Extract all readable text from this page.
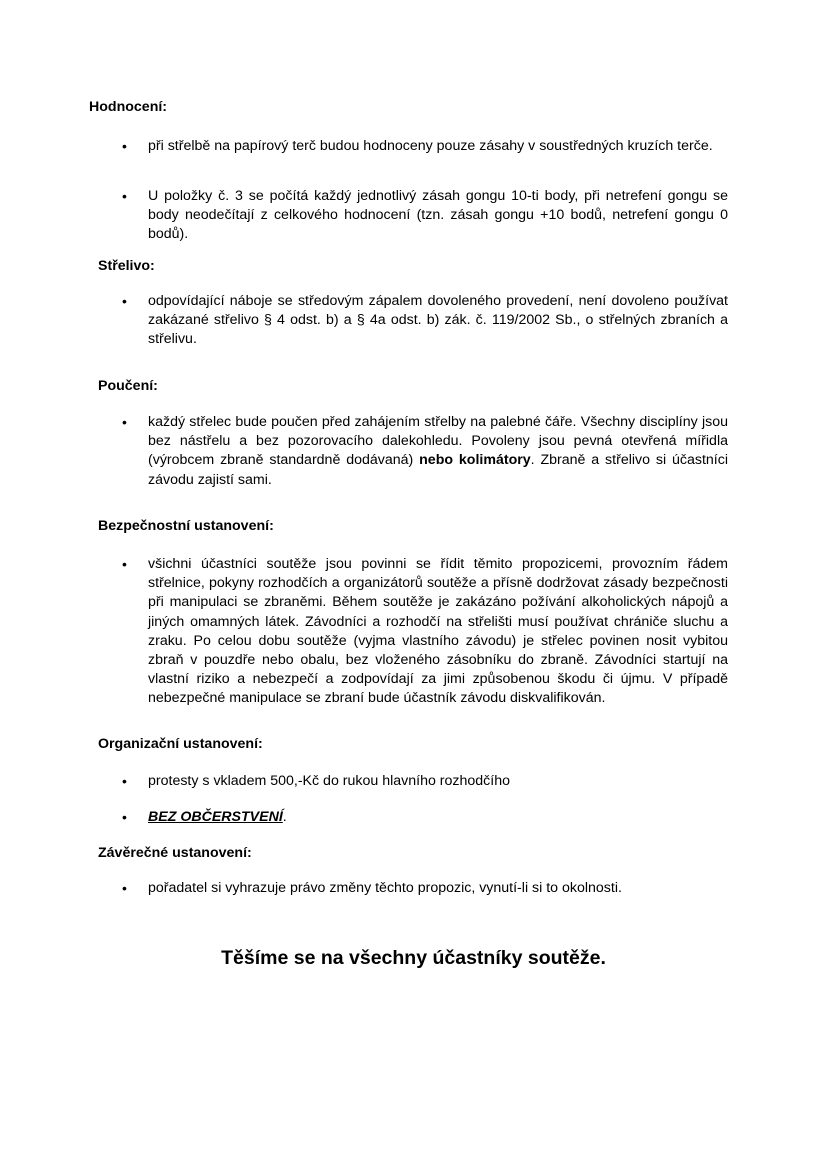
Hodnocení:
• při střelbě na papírový terč budou hodnoceny pouze zásahy v soustředných kruzích terče.
• U položky č. 3 se počítá každý jednotlivý zásah gongu 10-ti body, při netrefení gongu se body neodečítají z celkového hodnocení (tzn. zásah gongu +10 bodů, netrefení gongu 0 bodů).
Střelivo:
• odpovídající náboje se středovým zápalem dovoleného provedení, není dovoleno používat zakázané střelivo § 4 odst. b) a § 4a odst. b) zák. č. 119/2002 Sb., o střelných zbraních a střelivu.
Poučení:
• každý střelec bude poučen před zahájením střelby na palebné čáře. Všechny disciplíny jsou bez nástřelu a bez pozorovacího dalekohledu. Povoleny jsou pevná otevřená mířidla (výrobcem zbraně standardně dodávaná) nebo kolimátory. Zbraně a střelivo si účastníci závodu zajistí sami.
Bezpečnostní ustanovení:
• všichni účastníci soutěže jsou povinni se řídit těmito propozicemi, provozním řádem střelnice, pokyny rozhodčích a organizátorů soutěže a přísně dodržovat zásady bezpečnosti při manipulaci se zbraněmi. Během soutěže je zakázáno požívání alkoholických nápojů a jiných omamných látek. Závodníci a rozhodčí na střelišti musí používat chrániče sluchu a zraku. Po celou dobu soutěže (vyjma vlastního závodu) je střelec povinen nosit vybitou zbraň v pouzdře nebo obalu, bez vloženého zásobníku do zbraně. Závodníci startují na vlastní riziko a nebezpečí a zodpovídají za jimi způsobenou škodu či újmu. V případě nebezpečné manipulace se zbraní bude účastník závodu diskvalifikován.
Organizační ustanovení:
• protesty s vkladem 500,-Kč do rukou hlavního rozhodčího
• BEZ OBČERSTVENÍ.
Závěrečné ustanovení:
• pořadatel si vyhrazuje právo změny těchto propozic, vynutí-li si to okolnosti.
Těšíme se na všechny účastníky soutěže.
